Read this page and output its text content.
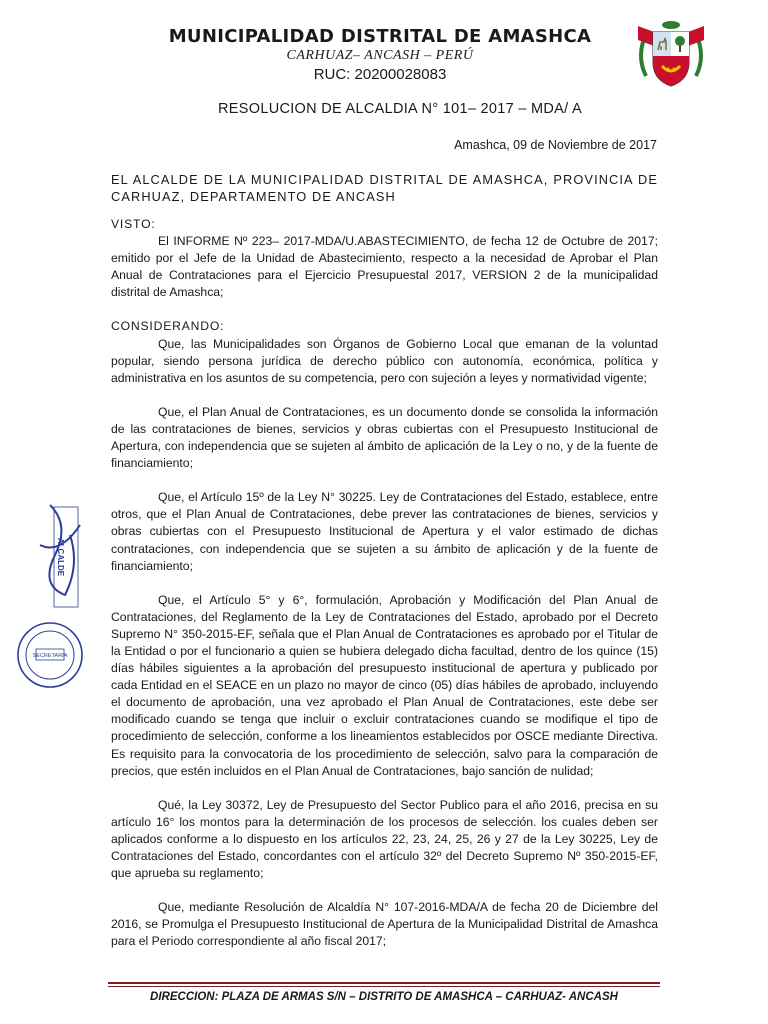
MUNICIPALIDAD DISTRITAL DE AMASHCA
CARHUAZ– ANCASH – PERÚ
RUC: 20200028083
RESOLUCION DE ALCALDIA N° 101– 2017 – MDA/ A
Amashca, 09 de Noviembre de 2017
EL ALCALDE DE LA MUNICIPALIDAD DISTRITAL DE AMASHCA, PROVINCIA DE CARHUAZ, DEPARTAMENTO DE ANCASH

VISTO:

El INFORME Nº 223– 2017-MDA/U.ABASTECIMIENTO, de fecha 12 de Octubre de 2017; emitido por el Jefe de la Unidad de Abastecimiento, respecto a la necesidad de Aprobar el Plan Anual de Contrataciones para el Ejercicio Presupuestal 2017, VERSION 2 de la municipalidad distrital de Amashca;

CONSIDERANDO:

Que, las Municipalidades son Órganos de Gobierno Local que emanan de la voluntad popular, siendo persona jurídica de derecho público con autonomía, económica, política y administrativa en los asuntos de su competencia, pero con sujeción a leyes y normatividad vigente;

Que, el Plan Anual de Contrataciones, es un documento donde se consolida la información de las contrataciones de bienes, servicios y obras cubiertas con el Presupuesto Institucional de Apertura, con independencia que se sujeten al ámbito de aplicación de la Ley o no, y de la fuente de financiamiento;

Que, el Artículo 15º de la Ley N° 30225. Ley de Contrataciones del Estado, establece, entre otros, que el Plan Anual de Contrataciones, debe prever las contrataciones de bienes, servicios y obras cubiertas con el Presupuesto Institucional de Apertura y el valor estimado de dichas contrataciones, con independencia que se sujeten a su ámbito de aplicación y de la fuente de financiamiento;

Que, el Artículo 5° y 6°, formulación, Aprobación y Modificación del Plan Anual de Contrataciones, del Reglamento de la Ley de Contrataciones del Estado, aprobado por el Decreto Supremo N° 350-2015-EF, señala que el Plan Anual de Contrataciones es aprobado por el Titular de la Entidad o por el funcionario a quien se hubiera delegado dicha facultad, dentro de los quince (15) días hábiles siguientes a la aprobación del presupuesto institucional de apertura y publicado por cada Entidad en el SEACE en un plazo no mayor de cinco (05) días hábiles de aprobado, incluyendo el documento de aprobación, una vez aprobado el Plan Anual de Contrataciones, este debe ser modificado cuando se tenga que incluir o excluir contrataciones cuando se modifique el tipo de procedimiento de selección, conforme a los lineamientos establecidos por OSCE mediante Directiva. Es requisito para la convocatoria de los procedimiento de selección, salvo para la comparación de precios, que estén incluidos en el Plan Anual de Contrataciones, bajo sanción de nulidad;

Qué, la Ley 30372, Ley de Presupuesto del Sector Publico para el año 2016, precisa en su artículo 16° los montos para la determinación de los procesos de selección. los cuales deben ser aplicados conforme a lo dispuesto en los artículos 22, 23, 24, 25, 26 y 27 de la Ley 30225, Ley de Contrataciones del Estado, concordantes con el artículo 32º del Decreto Supremo Nº 350-2015-EF, que aprueba su reglamento;

Que, mediante Resolución de Alcaldía N° 107-2016-MDA/A de fecha 20 de Diciembre del 2016, se Promulga el Presupuesto Institucional de Apertura de la Municipalidad Distrital de Amashca para el Periodo correspondiente al año fiscal 2017;

ALCALDE
SECRETARIA
DIRECCION: PLAZA DE ARMAS S/N – DISTRITO DE AMASHCA – CARHUAZ- ANCASH
